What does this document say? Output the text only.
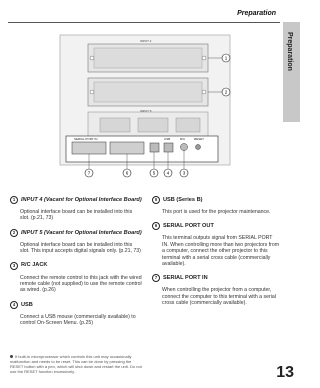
Preparation
Preparation
SERIAL PORT IN	USB	R/C	RESET
INPUT 4
INPUT 5
1
2
7	6	5	4	3
1	INPUT 4 (Vacant for Optional Interface Board)
Optional interface board can be installed into this slot. (p.21, 73)
2	INPUT 5 (Vacant for Optional Interface Board)
Optional interface board can be installed into this slot. This input accepts digital signals only. (p.21, 73)
3	R/C JACK
Connect the remote control to this jack with the wired remote cable (not supplied) to use the remote control as wired. (p.26)
4	USB
Connect a USB mouse (commercially available) to control On-Screen Menu. (p.25)
5	USB (Series B)
This port is used for the projector maintenance.
6	SERIAL PORT OUT
This terminal outputs signal from SERIAL PORT IN. When controlling more than two projectors from a computer, connect the other projector to this terminal with a serial cross cable (commercially available).
7	SERIAL PORT IN
When controlling the projector from a computer, connect the computer to this terminal with a serial cross cable (commercially available).
If built-in microprocessor which controls this unit may occasionally malfunction and needs to be reset. This can be done by pressing the RESET button with a pen, which will shut down and restart the unit. Do not use the RESET function excessively.	13
